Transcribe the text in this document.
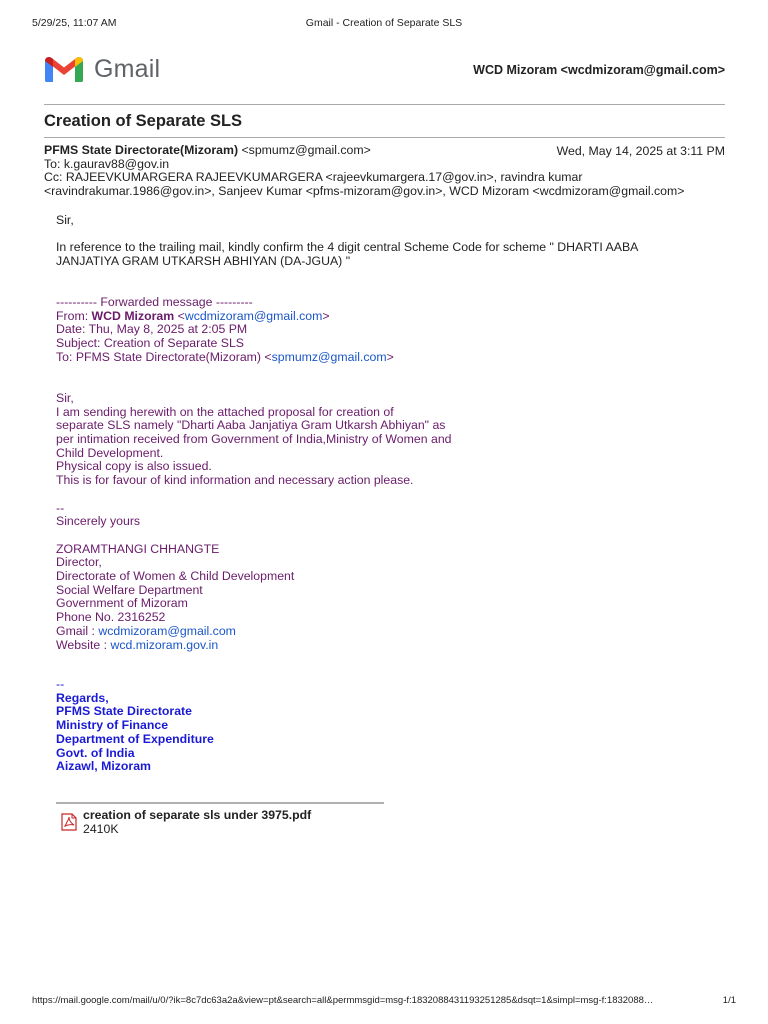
5/29/25, 11:07 AM	Gmail - Creation of Separate SLS
Gmail	WCD Mizoram <wcdmizoram@gmail.com>
Creation of Separate SLS

PFMS State Directorate(Mizoram) <spmumz@gmail.com>

To: k.gaurav88@gov.in

Cc: RAJEEVKUMARGERA RAJEEVKUMARGERA <rajeevkumargera.17@gov.in>, ravindra kumar

<ravindrakumar.1986@gov.in>, Sanjeev Kumar <pfms-mizoram@gov.in>, WCD Mizoram <wcdmizoram@gmail.com>

Wed, May 14, 2025 at 3:11 PM

Sir,

In reference to the trailing mail, kindly confirm the 4 digit central Scheme Code for scheme " DHARTI AABA

JANJATIYA GRAM UTKARSH ABHIYAN (DA-JGUA) "

---------- Forwarded message ---------

From: WCD Mizoram <wcdmizoram@gmail.com>

Date: Thu, May 8, 2025 at 2:05 PM

Subject: Creation of Separate SLS

To: PFMS State Directorate(Mizoram) <spmumz@gmail.com>

Sir,

I am sending herewith on the attached proposal for creation of

separate SLS namely "Dharti Aaba Janjatiya Gram Utkarsh Abhiyan" as

per intimation received from Government of India,Ministry of Women and

Child Development.

Physical copy is also issued.

This is for favour of kind information and necessary action please.

--

Sincerely yours

ZORAMTHANGI CHHANGTE

Director,

Directorate of Women & Child Development

Social Welfare Department

Government of Mizoram

Phone No. 2316252

Gmail : wcdmizoram@gmail.com

Website : wcd.mizoram.gov.in

--

Regards,

PFMS State Directorate

Ministry of Finance

Department of Expenditure

Govt. of India

Aizawl, Mizoram

creation of separate sls under 3975.pdf
2410K
https://mail.google.com/mail/u/0/?ik=8c7dc63a2a&view=pt&search=all&permmsgid=msg-f:1832088431193251285&dsqt=1&simpl=msg-f:1832088…	1/1
